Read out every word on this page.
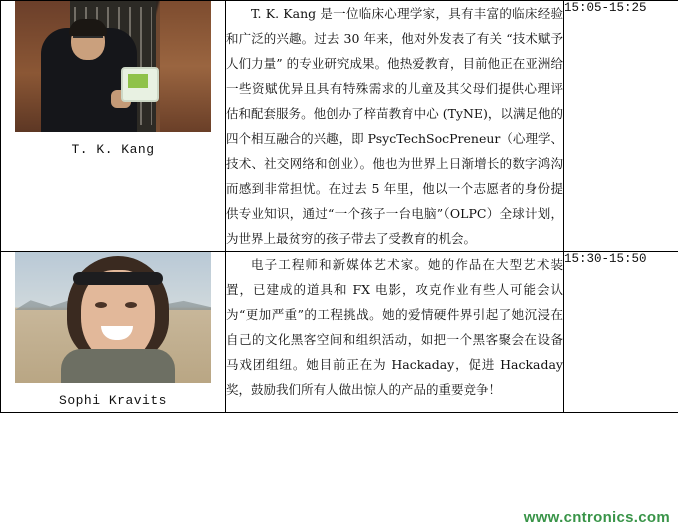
T. K. Kang	T. K. Kang 是一位临床心理学家，具有丰富的临床经验和广泛的兴趣。过去 30 年来，他对外发表了有关 “技术赋予人们力量” 的专业研究成果。他热爱教育，目前他正在亚洲给一些资赋优异且具有特殊需求的儿童及其父母们提供心理评估和配套服务。他创办了梓苗教育中心 (TyNE)，以满足他的四个相互融合的兴趣，即 PsycTechSocPreneur（心理学、技术、社交网络和创业）。他也为世界上日渐增长的数字鸿沟而感到非常担忧。在过去 5 年里，他以一个志愿者的身份提供专业知识，通过“一个孩子一台电脑”（OLPC）全球计划，为世界上最贫穷的孩子带去了受教育的机会。	15:05-15:25

Sophi Kravits	电子工程师和新媒体艺术家。她的作品在大型艺术装置，已建成的道具和 FX 电影，攻克作业有些人可能会认为“更加严重”的工程挑战。她的爱情硬件界引起了她沉浸在自己的文化黑客空间和组织活动，如把一个黑客聚会在设备马戏团组纽。她目前正在为 Hackaday，促进 Hackaday 奖，鼓励我们所有人做出惊人的产品的重要竞争！	15:30-15:50
www.cntronics.com
